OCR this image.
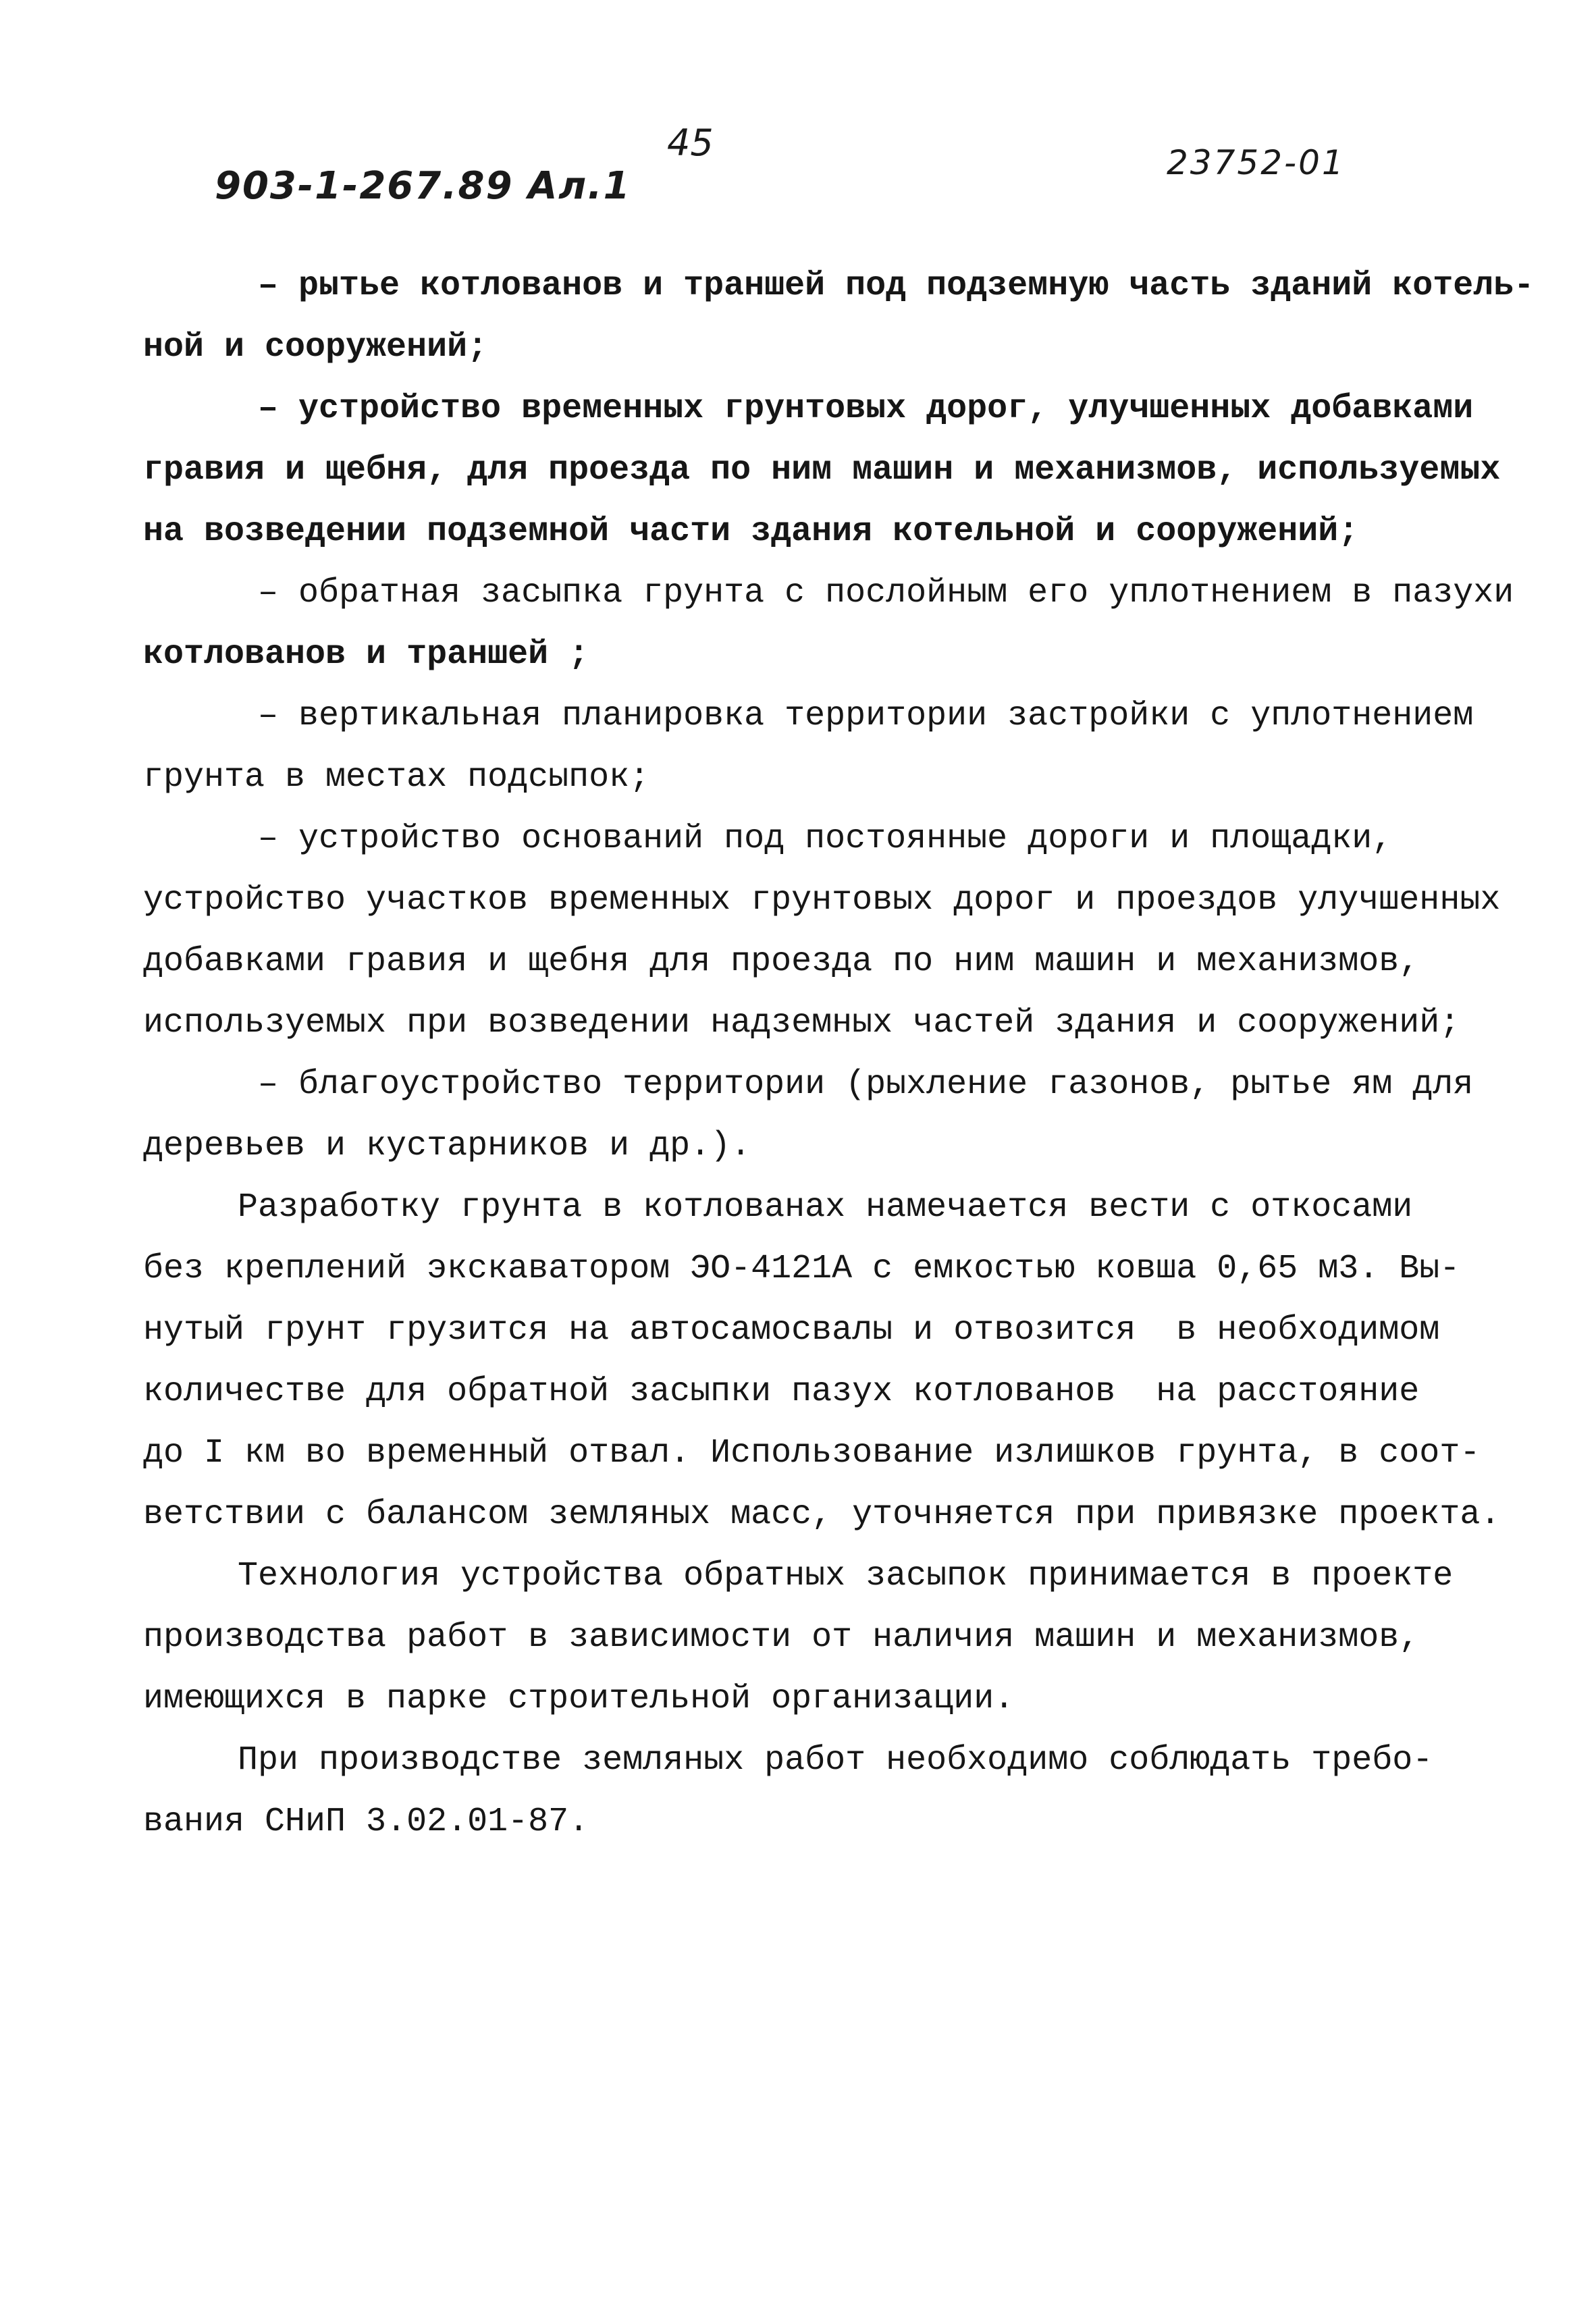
903-1-267.89 Ал.1
45	23752-01
– рытье котлованов и траншей под подземную часть зданий котель-
ной и сооружений;
– устройство временных грунтовых дорог, улучшенных добавками
гравия и щебня, для проезда по ним машин и механизмов, используемых
на возведении подземной части здания котельной и сооружений;
– обратная засыпка грунта с послойным его уплотнением в пазухи
котлованов и траншей ;
– вертикальная планировка территории застройки с уплотнением
грунта в местах подсыпок;
– устройство оснований под постоянные дороги и площадки,
устройство участков временных грунтовых дорог и проездов улучшенных
добавками гравия и щебня для проезда по ним машин и механизмов,
используемых при возведении надземных частей здания и сооружений;
– благоустройство территории (рыхление газонов, рытье ям для
деревьев и кустарников и др.).
Разработку грунта в котлованах намечается вести с откосами
без креплений экскаватором ЭО-4121А с емкостью ковша 0,65 м3. Вы-
нутый грунт грузится на автосамосвалы и отвозится  в необходимом
количестве для обратной засыпки пазух котлованов  на расстояние
до I км во временный отвал. Использование излишков грунта, в соот-
ветствии с балансом земляных масс, уточняется при привязке проекта.
Технология устройства обратных засыпок принимается в проекте
производства работ в зависимости от наличия машин и механизмов,
имеющихся в парке строительной организации.
При производстве земляных работ необходимо соблюдать требо-
вания СНиП 3.02.01-87.
